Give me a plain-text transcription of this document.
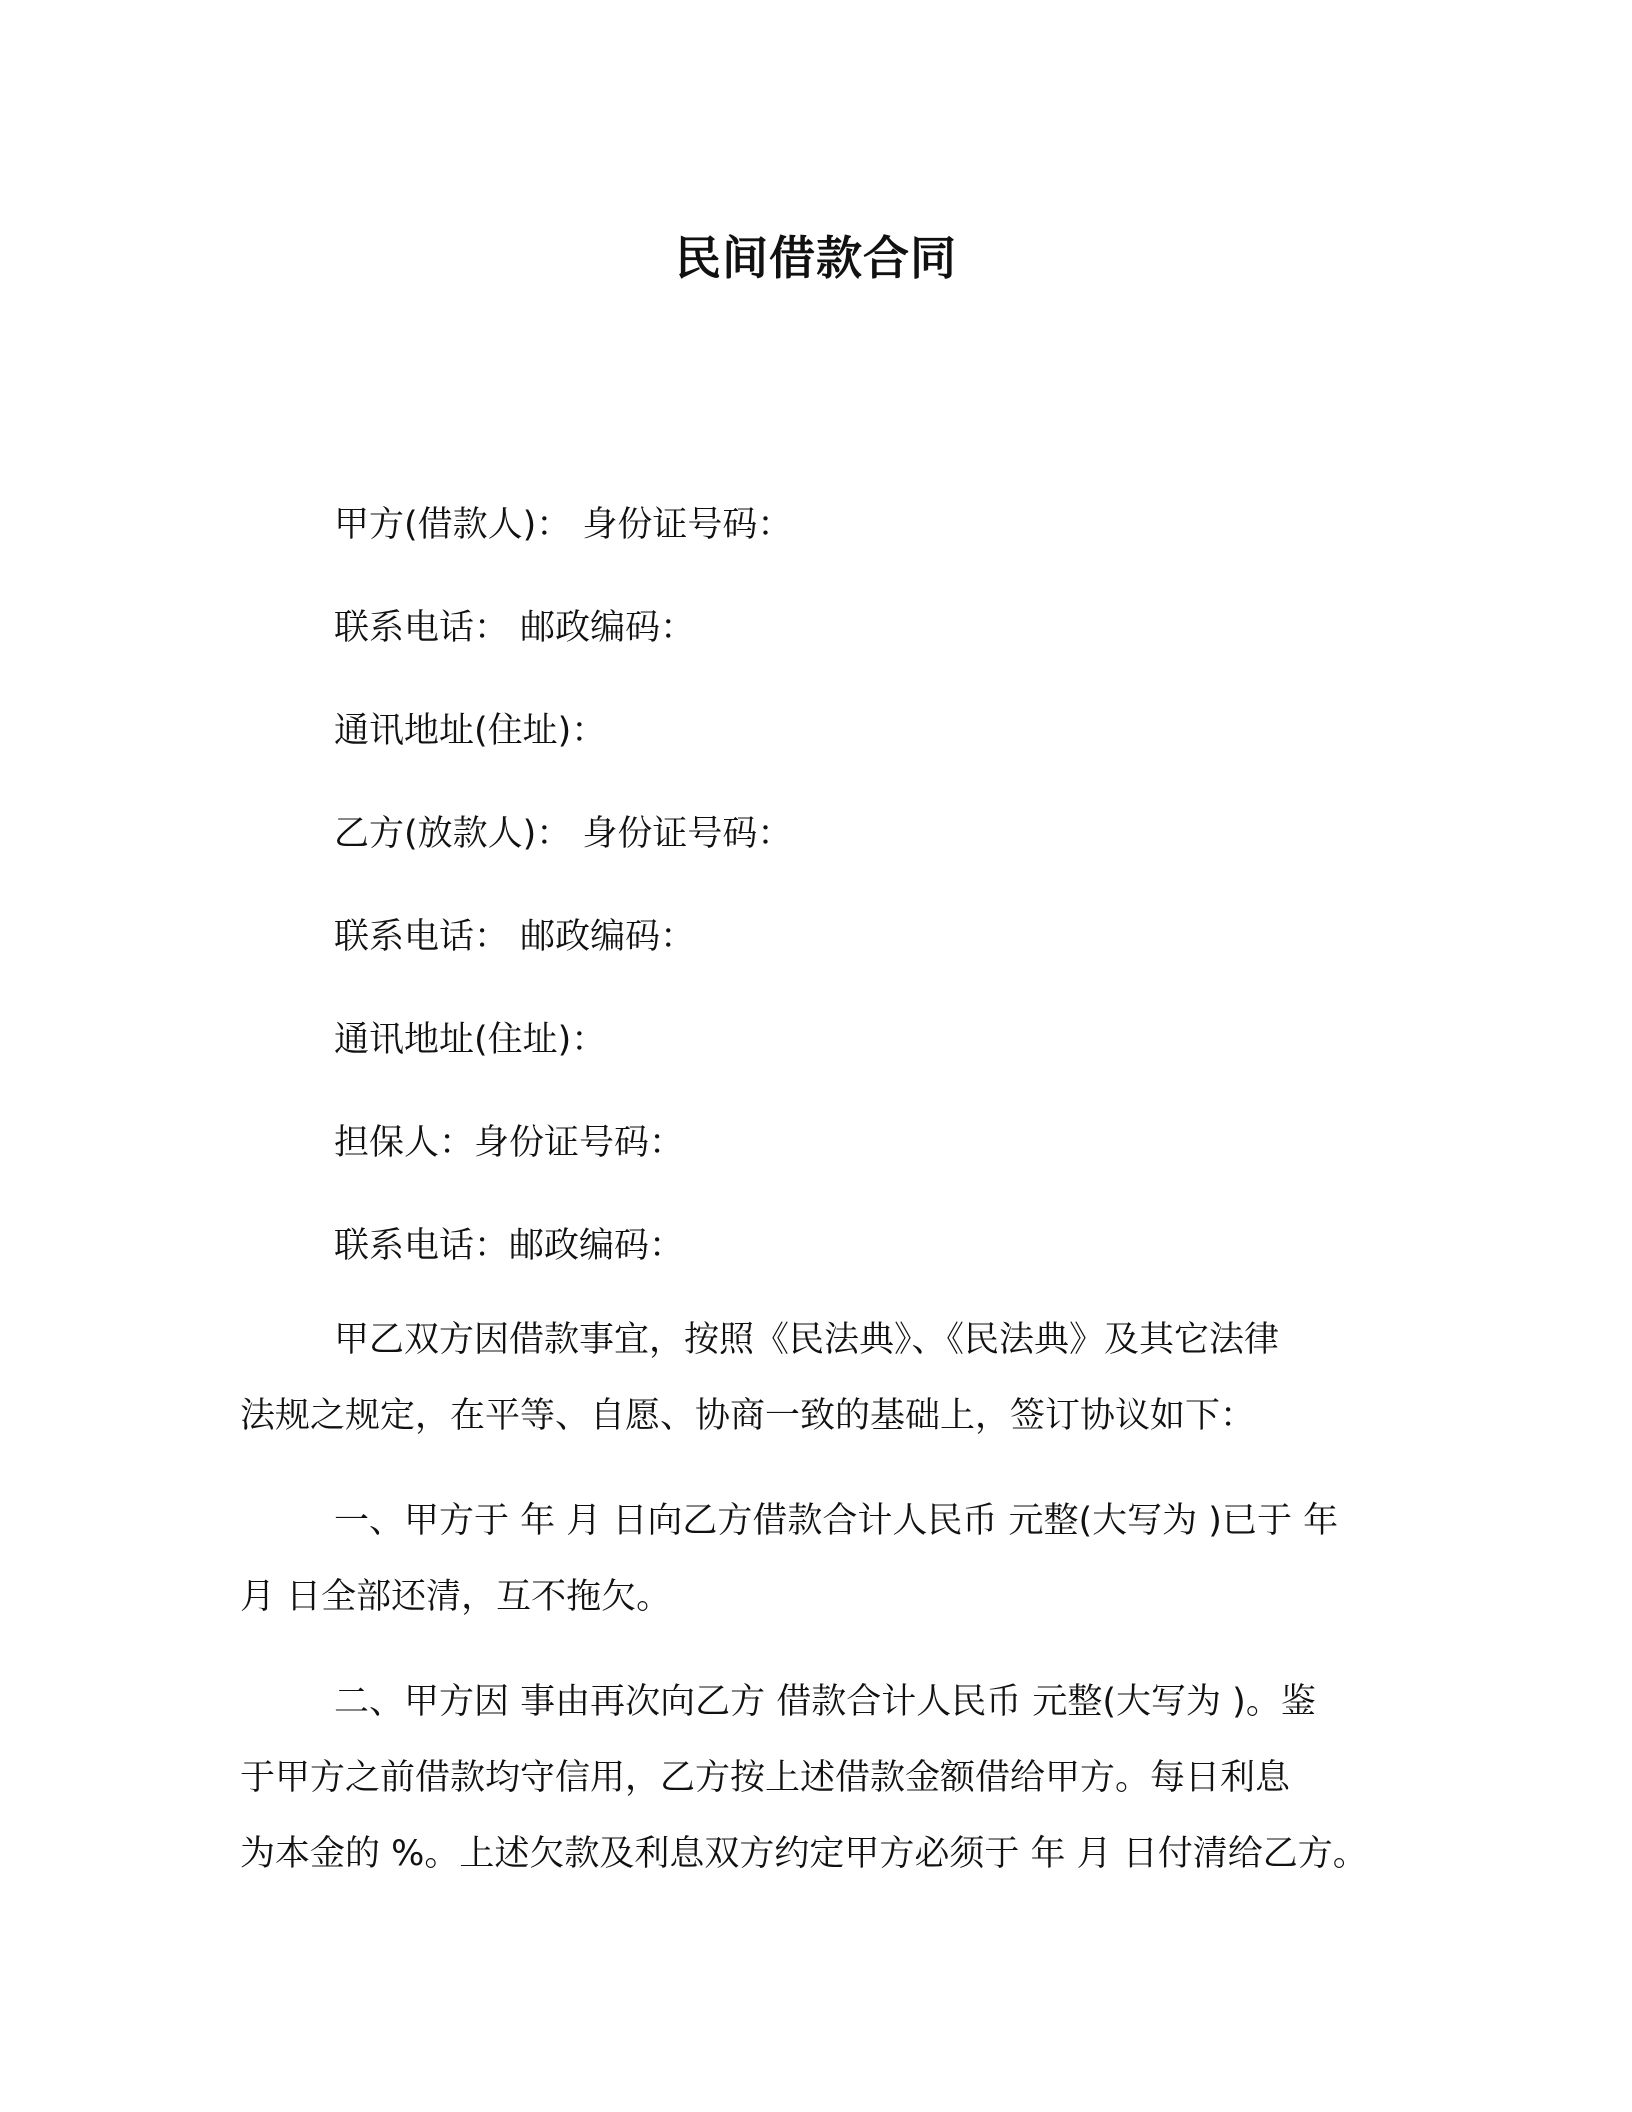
民间借款合同
甲方(借款人)： 身份证号码：
联系电话： 邮政编码：
通讯地址(住址)：
乙方(放款人)： 身份证号码：
联系电话： 邮政编码：
通讯地址(住址)：
担保人：身份证号码：
联系电话：邮政编码：
甲乙双方因借款事宜，按照《民法典》、《民法典》及其它法律
法规之规定，在平等、自愿、协商一致的基础上，签订协议如下：
一、甲方于 年 月 日向乙方借款合计人民币 元整(大写为 )已于 年
月 日全部还清，互不拖欠。
二、甲方因 事由再次向乙方 借款合计人民币 元整(大写为 )。鉴
于甲方之前借款均守信用，乙方按上述借款金额借给甲方。每日利息
为本金的 %。上述欠款及利息双方约定甲方必须于 年 月 日付清给乙方。
